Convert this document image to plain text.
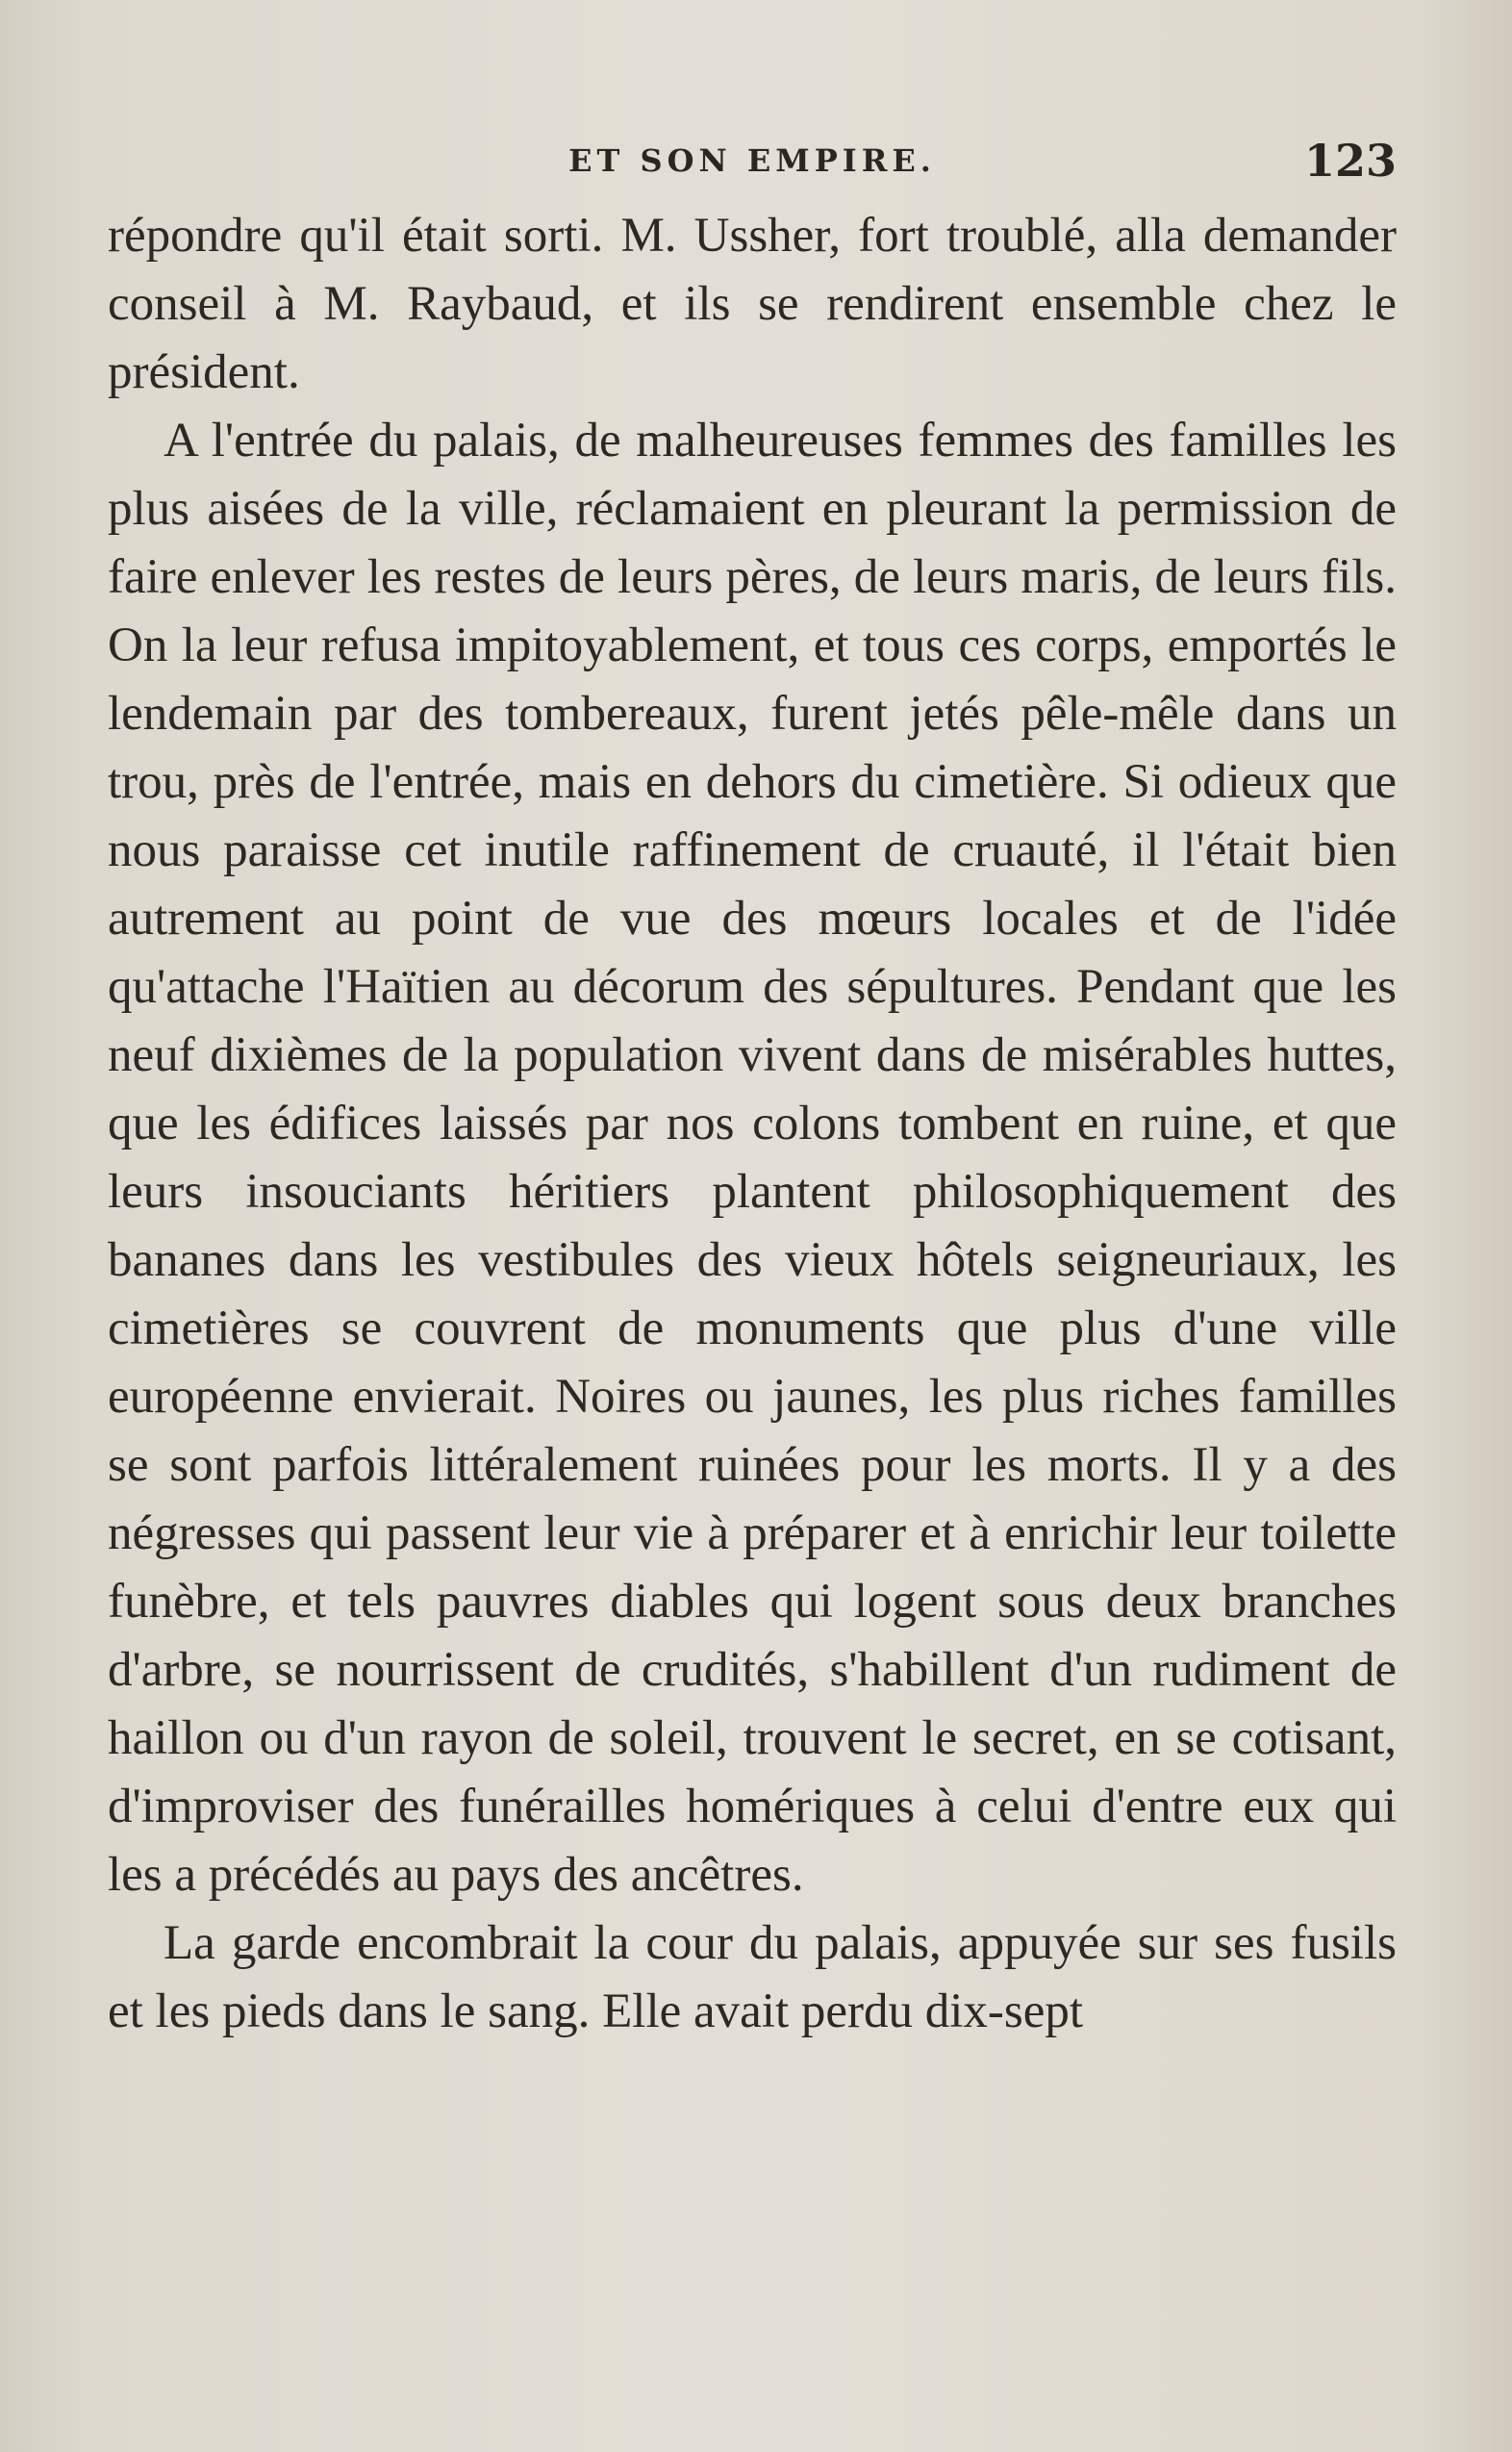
ET SON EMPIRE.	123

répondre qu'il était sorti. M. Ussher, fort troublé, alla demander conseil à M. Raybaud, et ils se rendirent ensemble chez le président.

A l'entrée du palais, de malheureuses femmes des familles les plus aisées de la ville, réclamaient en pleurant la permission de faire enlever les restes de leurs pères, de leurs maris, de leurs fils. On la leur refusa impitoyablement, et tous ces corps, emportés le lendemain par des tombereaux, furent jetés pêle-mêle dans un trou, près de l'entrée, mais en dehors du cimetière. Si odieux que nous paraisse cet inutile raffinement de cruauté, il l'était bien autrement au point de vue des mœurs locales et de l'idée qu'attache l'Haïtien au décorum des sépultures. Pendant que les neuf dixièmes de la population vivent dans de misérables huttes, que les édifices laissés par nos colons tombent en ruine, et que leurs insouciants héritiers plantent philosophiquement des bananes dans les vestibules des vieux hôtels seigneuriaux, les cimetières se couvrent de monuments que plus d'une ville européenne envierait. Noires ou jaunes, les plus riches familles se sont parfois littéralement ruinées pour les morts. Il y a des négresses qui passent leur vie à préparer et à enrichir leur toilette funèbre, et tels pauvres diables qui logent sous deux branches d'arbre, se nourrissent de crudités, s'habillent d'un rudiment de haillon ou d'un rayon de soleil, trouvent le secret, en se cotisant, d'improviser des funérailles homériques à celui d'entre eux qui les a précédés au pays des ancêtres.

La garde encombrait la cour du palais, appuyée sur ses fusils et les pieds dans le sang. Elle avait perdu dix-sept
